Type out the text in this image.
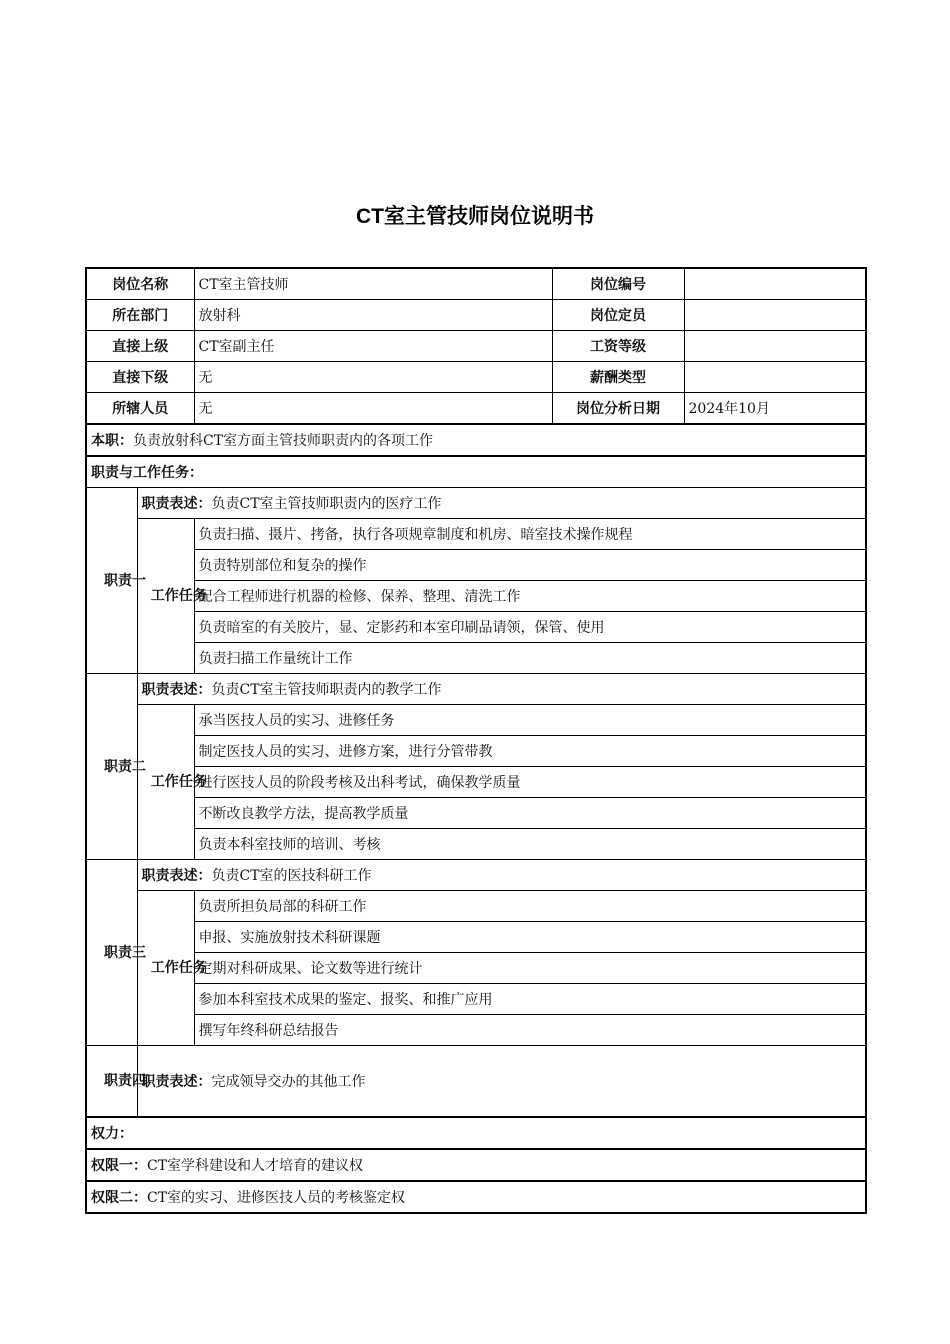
CT室主管技师岗位说明书
岗位名称		CT室主管技师	岗位编号	
所在部门		放射科	岗位定员	
直接上级		CT室副主任	工资等级	
直接下级		无	薪酬类型	
所辖人员		无	岗位分析日期	2024年10月
本职：负责放射科CT室方面主管技师职责内的各项工作				
职责与工作任务：				

职责一	职责表述：负责CT室主管技师职责内的医疗工作			

	工作任务	负责扫描、摄片、拷备，执行各项规章制度和机房、暗室技术操作规程		
		负责特别部位和复杂的操作		
		配合工程师进行机器的检修、保养、整理、清洗工作		
		负责暗室的有关胶片，显、定影药和本室印刷品请领，保管、使用		
		负责扫描工作量统计工作		

职责二	职责表述：负责CT室主管技师职责内的教学工作			

	工作任务	承当医技人员的实习、进修任务		
		制定医技人员的实习、进修方案，进行分管带教		
		进行医技人员的阶段考核及出科考试，确保教学质量		
		不断改良教学方法，提高教学质量		
		负责本科室技师的培训、考核		

职责三	职责表述：负责CT室的医技科研工作			

	工作任务	负责所担负局部的科研工作		
		申报、实施放射技术科研课题		
		定期对科研成果、论文数等进行统计		
		参加本科室技术成果的鉴定、报奖、和推广应用		
		撰写年终科研总结报告		

职责四	职责表述：完成领导交办的其他工作			
权力：				
权限一：CT室学科建设和人才培育的建议权				
权限二：CT室的实习、进修医技人员的考核鉴定权				
